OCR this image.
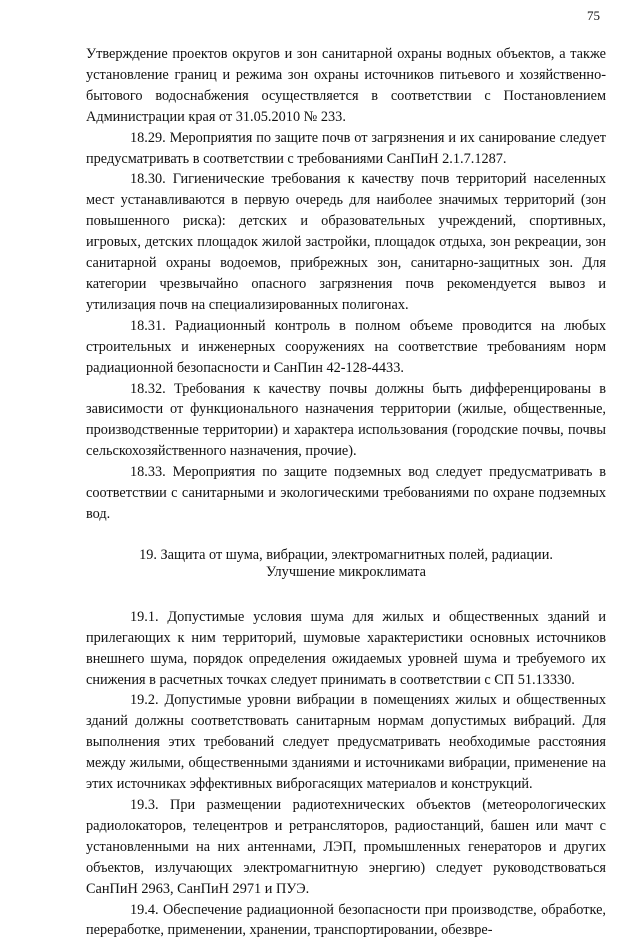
75

Утверждение проектов округов и зон санитарной охраны водных объектов, а также установление границ и режима зон охраны источников питьевого и хозяйственно-бытового водоснабжения осуществляется в соответствии с Постановлением Администрации края от 31.05.2010 № 233.

18.29. Мероприятия по защите почв от загрязнения и их санирование следует предусматривать в соответствии с требованиями СанПиН 2.1.7.1287.

18.30. Гигиенические требования к качеству почв территорий населенных мест устанавливаются в первую очередь для наиболее значимых территорий (зон повышенного риска): детских и образовательных учреждений, спортивных, игровых, детских площадок жилой застройки, площадок отдыха, зон рекреации, зон санитарной охраны водоемов, прибрежных зон, санитарно-защитных зон. Для категории чрезвычайно опасного загрязнения почв рекомендуется вывоз и утилизация почв на специализированных полигонах.

18.31. Радиационный контроль в полном объеме проводится на любых строительных и инженерных сооружениях на соответствие требованиям норм радиационной безопасности и СанПин 42-128-4433.

18.32. Требования к качеству почвы должны быть дифференцированы в зависимости от функционального назначения территории (жилые, общественные, производственные территории) и характера использования (городские почвы, почвы сельскохозяйственного назначения, прочие).

18.33. Мероприятия по защите подземных вод следует предусматривать в соответствии с санитарными и экологическими требованиями по охране подземных вод.

19. Защита от шума, вибрации, электромагнитных полей, радиации.

Улучшение микроклимата

19.1. Допустимые условия шума для жилых и общественных зданий и прилегающих к ним территорий, шумовые характеристики основных источников внешнего шума, порядок определения ожидаемых уровней шума и требуемого их снижения в расчетных точках следует принимать в соответствии с СП 51.13330.

19.2. Допустимые уровни вибрации в помещениях жилых и общественных зданий должны соответствовать санитарным нормам допустимых вибраций. Для выполнения этих требований следует предусматривать необходимые расстояния между жилыми, общественными зданиями и источниками вибрации, применение на этих источниках эффективных виброгасящих материалов и конструкций.

19.3. При размещении радиотехнических объектов (метеорологических радиолокаторов, телецентров и ретрансляторов, радиостанций, башен или мачт с установленными на них антеннами, ЛЭП, промышленных генераторов и других объектов, излучающих электромагнитную энергию) следует руководствоваться СанПиН 2963, СанПиН 2971 и ПУЭ.

19.4. Обеспечение радиационной безопасности при производстве, обработке, переработке, применении, хранении, транспортировании, обезвре-
